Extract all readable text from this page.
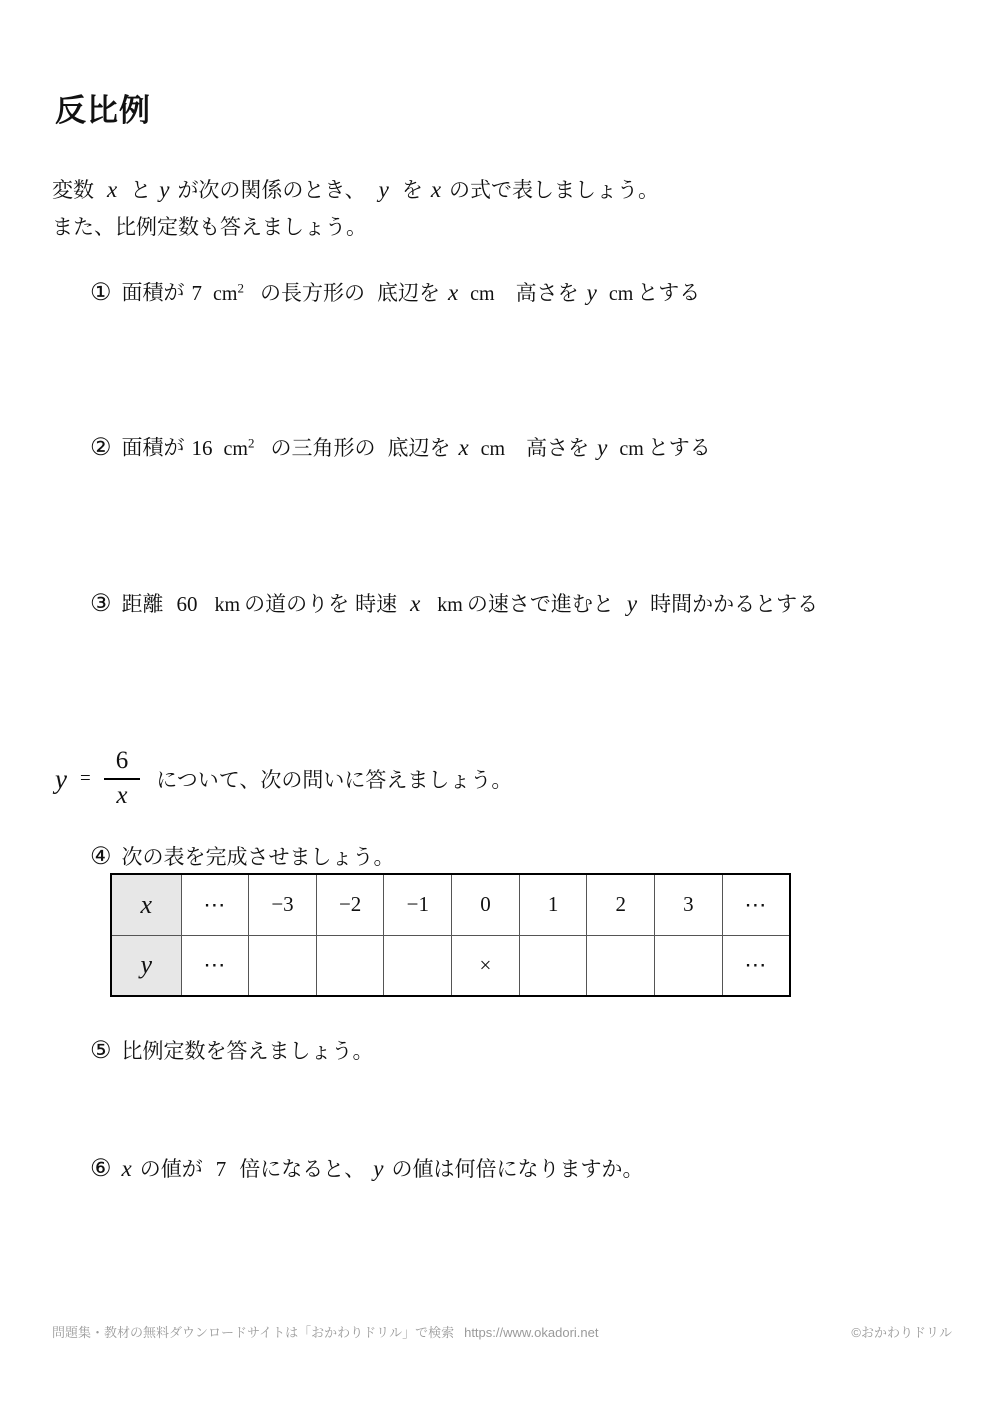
反比例
変数 x と y が次の関係のとき、 y を x の式で表しましょう。
また、比例定数も答えましょう。
① 面積が 7 $cm^2$ の長方形の 底辺を x cm 高さを y cm とする
② 面積が 16 $cm^2$ の三角形の 底辺を x cm 高さを y cm とする
③ 距離 60 km の道のりを 時速 x km の速さで進むと y 時間かかるとする
$y = \frac{6}{x}$ について、次の問いに答えましょう。
④ 次の表を完成させましょう。
x	⋯	−3	−2	−1	0	1	2	3	⋯
y	⋯				×				⋯
⑤ 比例定数を答えましょう。
⑥ x の値が 7 倍になると、 y の値は何倍になりますか。
問題集・教材の無料ダウンロードサイトは「おかわりドリル」で検索 https://www.okadori.net	©おかわりドリル
